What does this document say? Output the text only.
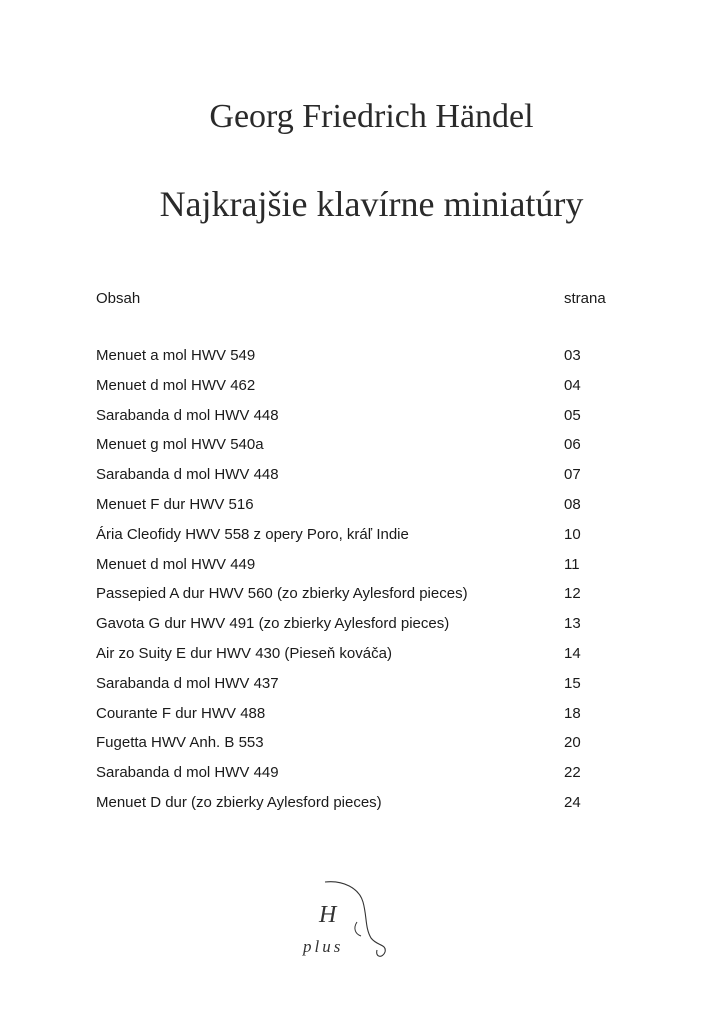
Georg Friedrich Händel
Najkrajšie klavírne miniatúry
Obsah	strana
Menuet a mol HWV 549	03
Menuet d mol HWV 462	04
Sarabanda d mol HWV 448	05
Menuet g mol HWV 540a	06
Sarabanda d mol HWV 448	07
Menuet F dur HWV 516	08
Ária Cleofidy HWV 558 z opery Poro, kráľ Indie	10
Menuet d mol HWV 449	11
Passepied A dur HWV 560 (zo zbierky Aylesford pieces)	12
Gavota G dur HWV 491 (zo zbierky Aylesford pieces)	13
Air zo Suity E dur HWV 430 (Pieseň kováča)	14
Sarabanda d mol HWV 437	15
Courante F dur HWV 488	18
Fugetta HWV Anh. B 553	20
Sarabanda d mol HWV 449	22
Menuet D dur (zo zbierky Aylesford pieces)	24
H
plus
